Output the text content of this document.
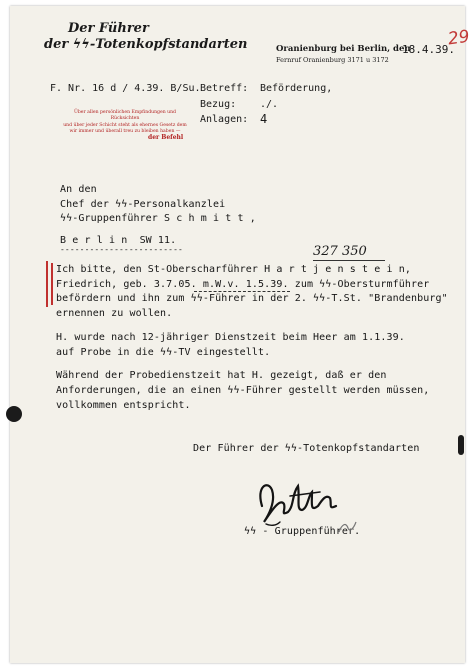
29
Der Führer
der ϟϟ-Totenkopfstandarten	Oranienburg bei Berlin, den
Fernruf Oranienburg 3171 u 3172
18.4.39.
F. Nr. 16 d / 4.39. B/Su. Betreff: Beförderung,
Bezug: ./.
Anlagen: 4
Über allen persönlichen Empfindungen und Rücksichten
und über jeder Schicht steht als ehernes Gesetz dem
wir immer und überall treu zu bleiben haben —
der Befehl
An den
Chef der ϟϟ-Personalkanzlei
ϟϟ-Gruppenführer S c h m i t t ,
B e r l i n  SW 11.
-------------------------	327 350
Ich bitte, den St-Oberscharführer H a r t j e n s t e i n,
Friedrich, geb. 3.7.05. m.W.v. 1.5.39. zum ϟϟ-Obersturmführer
befördern und ihn zum ϟϟ-Führer in der 2. ϟϟ-T.St. "Brandenburg"
ernennen zu wollen.
H. wurde nach 12-jähriger Dienstzeit beim Heer am 1.1.39.
auf Probe in die ϟϟ-TV eingestellt.
Während der Probedienstzeit hat H. gezeigt, daß er den
Anforderungen, die an einen ϟϟ-Führer gestellt werden müssen,
vollkommen entspricht.
Der Führer der ϟϟ-Totenkopfstandarten
ϟϟ - Gruppenführer.
